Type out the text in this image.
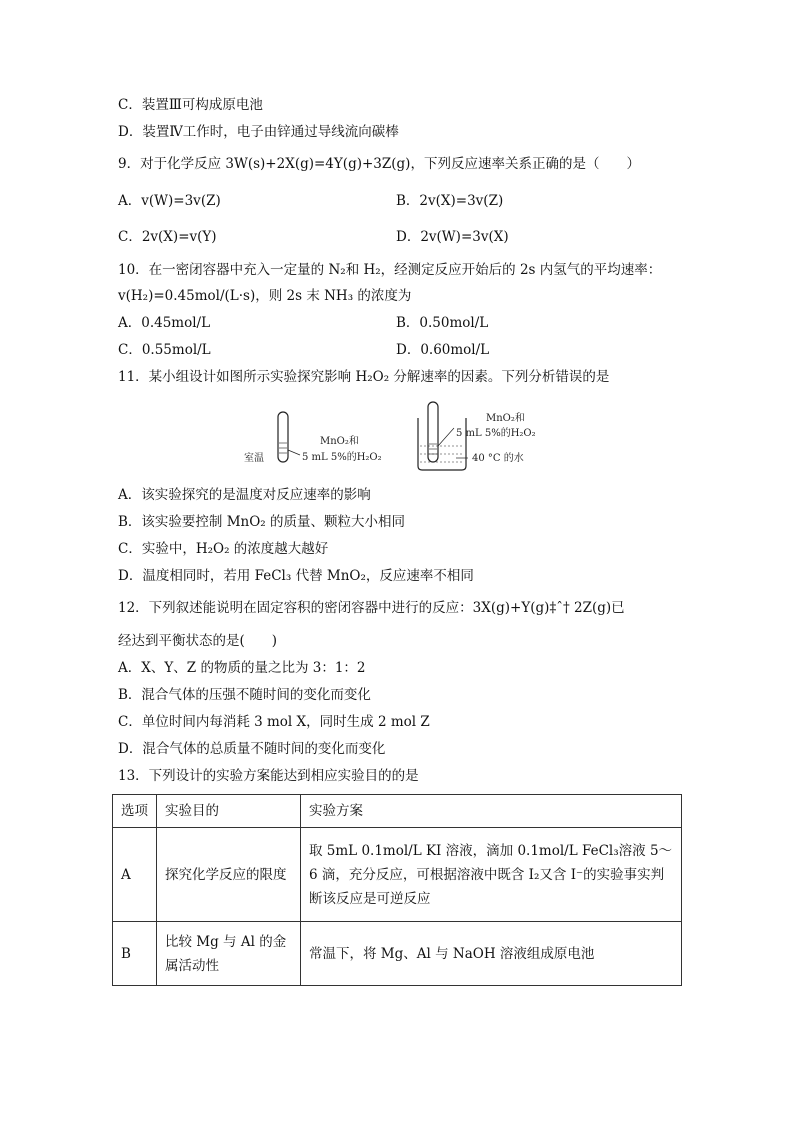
C．装置Ⅲ可构成原电池
D．装置Ⅳ工作时，电子由锌通过导线流向碳棒
9．对于化学反应 3W(s)+2X(g)=4Y(g)+3Z(g)，下列反应速率关系正确的是（　　）
A．v(W)=3v(Z)	B．2v(X)=3v(Z)
C．2v(X)=v(Y)	D．2v(W)=3v(X)
10．在一密闭容器中充入一定量的 N₂和 H₂，经测定反应开始后的 2s 内氢气的平均速率：
v(H₂)=0.45mol/(L·s)，则 2s 末 NH₃ 的浓度为
A．0.45mol/L	B．0.50mol/L
C．0.55mol/L	D．0.60mol/L
11．某小组设计如图所示实验探究影响 H₂O₂ 分解速率的因素。下列分析错误的是
室温
MnO₂和
5 mL 5%的H₂O₂
MnO₂和
5 mL 5%的H₂O₂
40 °C 的水
A．该实验探究的是温度对反应速率的影响
B．该实验要控制 MnO₂ 的质量、颗粒大小相同
C．实验中，H₂O₂ 的浓度越大越好
D．温度相同时，若用 FeCl₃ 代替 MnO₂，反应速率不相同
12．下列叙述能说明在固定容积的密闭容器中进行的反应：3X(g)+Y(g)‡ˆ† 2Z(g)已
经达到平衡状态的是(　　)
A．X、Y、Z 的物质的量之比为 3：1：2
B．混合气体的压强不随时间的变化而变化
C．单位时间内每消耗 3 mol X，同时生成 2 mol Z
D．混合气体的总质量不随时间的变化而变化
13．下列设计的实验方案能达到相应实验目的的是
选项	实验目的	实验方案
A	探究化学反应的限度	取 5mL 0.1mol/L KI 溶液，滴加 0.1mol/L FeCl₃溶液 5～6 滴，充分反应，可根据溶液中既含 I₂又含 I⁻的实验事实判断该反应是可逆反应
B	比较 Mg 与 Al 的金属活动性	常温下，将 Mg、Al 与 NaOH 溶液组成原电池
